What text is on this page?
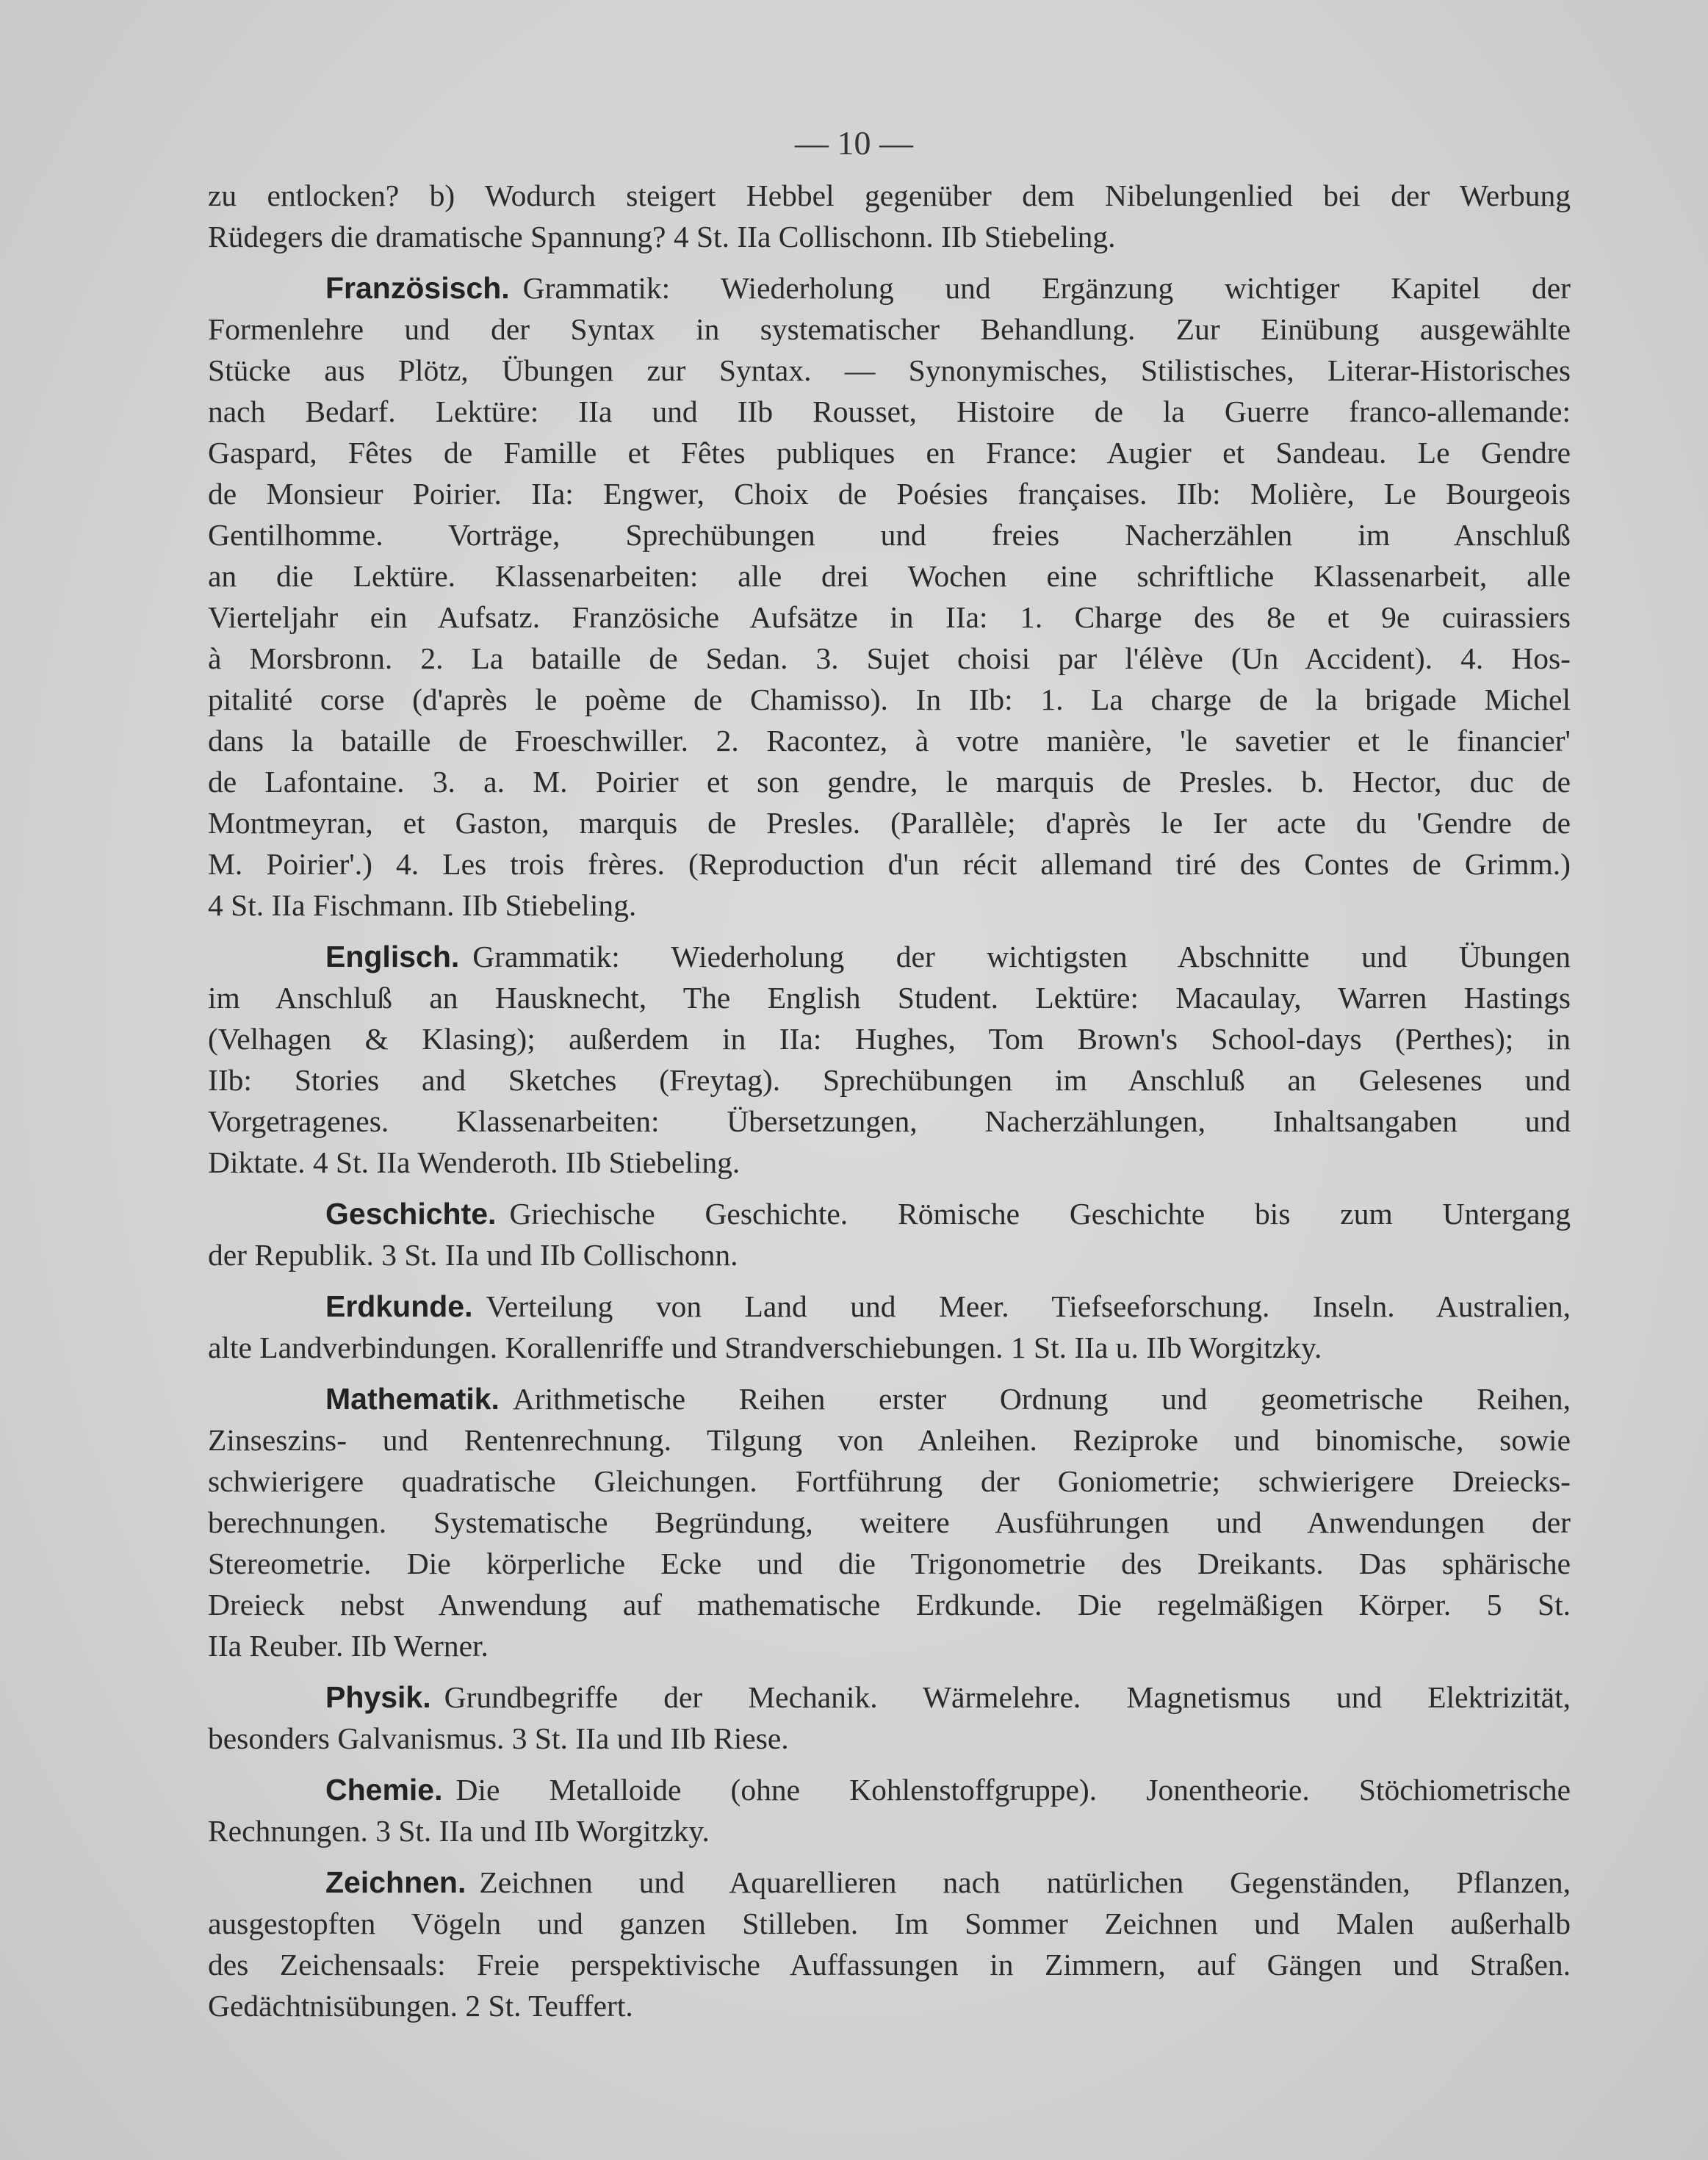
— 10 —
zu entlocken? b) Wodurch steigert Hebbel gegenüber dem Nibelungenlied bei der Werbung
Rüdegers die dramatische Spannung? 4 St. IIa Collischonn. IIb Stiebeling.
Französisch. Grammatik: Wiederholung und Ergänzung wichtiger Kapitel der
Formenlehre und der Syntax in systematischer Behandlung. Zur Einübung ausgewählte
Stücke aus Plötz, Übungen zur Syntax. — Synonymisches, Stilistisches, Literar-Historisches
nach Bedarf. Lektüre: IIa und IIb Rousset, Histoire de la Guerre franco-allemande:
Gaspard, Fêtes de Famille et Fêtes publiques en France: Augier et Sandeau. Le Gendre
de Monsieur Poirier. IIa: Engwer, Choix de Poésies françaises. IIb: Molière, Le Bourgeois
Gentilhomme. Vorträge, Sprechübungen und freies Nacherzählen im Anschluß
an die Lektüre. Klassenarbeiten: alle drei Wochen eine schriftliche Klassenarbeit, alle
Vierteljahr ein Aufsatz. Französiche Aufsätze in IIa: 1. Charge des 8e et 9e cuirassiers
à Morsbronn. 2. La bataille de Sedan. 3. Sujet choisi par l'élève (Un Accident). 4. Hos-
pitalité corse (d'après le poème de Chamisso). In IIb: 1. La charge de la brigade Michel
dans la bataille de Froeschwiller. 2. Racontez, à votre manière, 'le savetier et le financier'
de Lafontaine. 3. a. M. Poirier et son gendre, le marquis de Presles. b. Hector, duc de
Montmeyran, et Gaston, marquis de Presles. (Parallèle; d'après le Ier acte du 'Gendre de
M. Poirier'.) 4. Les trois frères. (Reproduction d'un récit allemand tiré des Contes de Grimm.)
4 St. IIa Fischmann. IIb Stiebeling.
Englisch. Grammatik: Wiederholung der wichtigsten Abschnitte und Übungen
im Anschluß an Hausknecht, The English Student. Lektüre: Macaulay, Warren Hastings
(Velhagen & Klasing); außerdem in IIa: Hughes, Tom Brown's School-days (Perthes); in
IIb: Stories and Sketches (Freytag). Sprechübungen im Anschluß an Gelesenes und
Vorgetragenes. Klassenarbeiten: Übersetzungen, Nacherzählungen, Inhaltsangaben und
Diktate. 4 St. IIa Wenderoth. IIb Stiebeling.
Geschichte. Griechische Geschichte. Römische Geschichte bis zum Untergang
der Republik. 3 St. IIa und IIb Collischonn.
Erdkunde. Verteilung von Land und Meer. Tiefseeforschung. Inseln. Australien,
alte Landverbindungen. Korallenriffe und Strandverschiebungen. 1 St. IIa u. IIb Worgitzky.
Mathematik. Arithmetische Reihen erster Ordnung und geometrische Reihen,
Zinseszins- und Rentenrechnung. Tilgung von Anleihen. Reziproke und binomische, sowie
schwierigere quadratische Gleichungen. Fortführung der Goniometrie; schwierigere Dreiecks-
berechnungen. Systematische Begründung, weitere Ausführungen und Anwendungen der
Stereometrie. Die körperliche Ecke und die Trigonometrie des Dreikants. Das sphärische
Dreieck nebst Anwendung auf mathematische Erdkunde. Die regelmäßigen Körper. 5 St.
IIa Reuber. IIb Werner.
Physik. Grundbegriffe der Mechanik. Wärmelehre. Magnetismus und Elektrizität,
besonders Galvanismus. 3 St. IIa und IIb Riese.
Chemie. Die Metalloide (ohne Kohlenstoffgruppe). Jonentheorie. Stöchiometrische
Rechnungen. 3 St. IIa und IIb Worgitzky.
Zeichnen. Zeichnen und Aquarellieren nach natürlichen Gegenständen, Pflanzen,
ausgestopften Vögeln und ganzen Stilleben. Im Sommer Zeichnen und Malen außerhalb
des Zeichensaals: Freie perspektivische Auffassungen in Zimmern, auf Gängen und Straßen.
Gedächtnisübungen. 2 St. Teuffert.
